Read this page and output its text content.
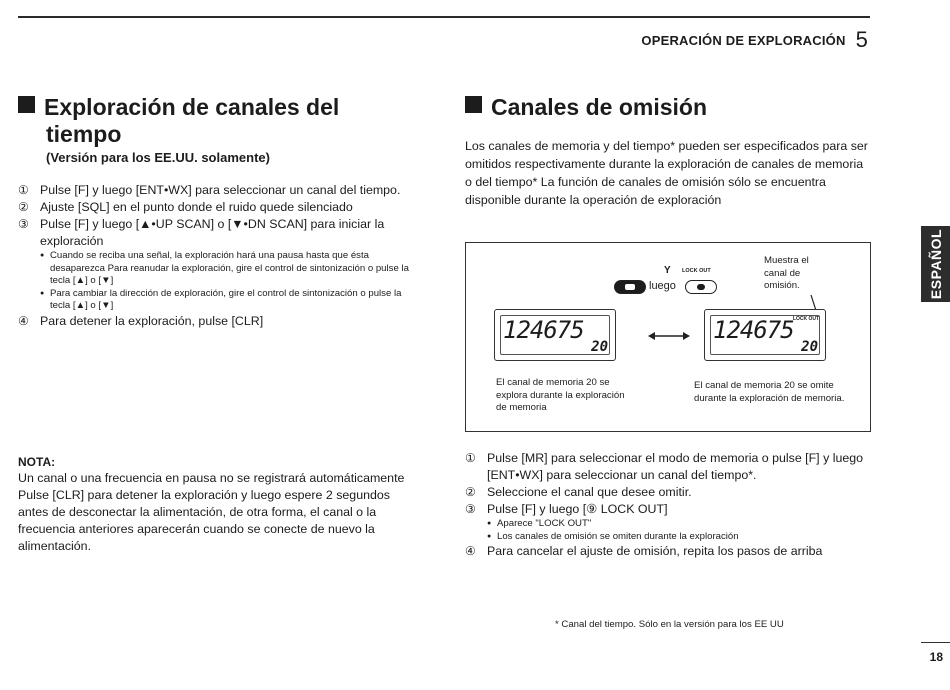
OPERACIÓN DE EXPLORACIÓN 5
Exploración de canales del
tiempo
(Versión para los EE.UU. solamente)
① Pulse [F] y luego [ENT•WX] para seleccionar un canal del tiempo.
② Ajuste [SQL] en el punto donde el ruido quede silenciado
③ Pulse [F] y luego [▲•UP SCAN] o [▼•DN SCAN] para iniciar la exploración
● Cuando se reciba una señal, la exploración hará una pausa hasta que ésta desaparezca Para reanudar la exploración, gire el control de sintonización o pulse la tecla [▲] o [▼]
● Para cambiar la dirección de exploración, gire el control de sintonización o pulse la tecla [▲] o [▼]
④ Para detener la exploración, pulse [CLR]
NOTA:
Un canal o una frecuencia en pausa no se registrará automáticamente Pulse [CLR] para detener la exploración y luego espere 2 segundos antes de desconectar la alimentación, de otra forma, el canal o la frecuencia anteriores aparecerán cuando se conecte de nuevo la alimentación.
Canales de omisión
Los canales de memoria y del tiempo* pueden ser especificados para ser omitidos respectivamente durante la exploración de canales de memoria o del tiempo* La función de canales de omisión sólo se encuentra disponible durante la operación de exploración
Y LOCK OUT
luego
Muestra el canal de omisión.
124675
20
124675 LOCK OUT
20
El canal de memoria 20 se explora durante la exploración de memoria
El canal de memoria 20 se omite durante la exploración de memoria.
① Pulse [MR] para seleccionar el modo de memoria o pulse [F] y luego [ENT•WX] para seleccionar un canal del tiempo*.
② Seleccione el canal que desee omitir.
③ Pulse [F] y luego [⑨ LOCK OUT]
● Aparece "LOCK OUT"
● Los canales de omisión se omiten durante la exploración
④ Para cancelar el ajuste de omisión, repita los pasos de arriba
* Canal del tiempo. Sólo en la versión para los EE UU
ESPAÑOL
18
